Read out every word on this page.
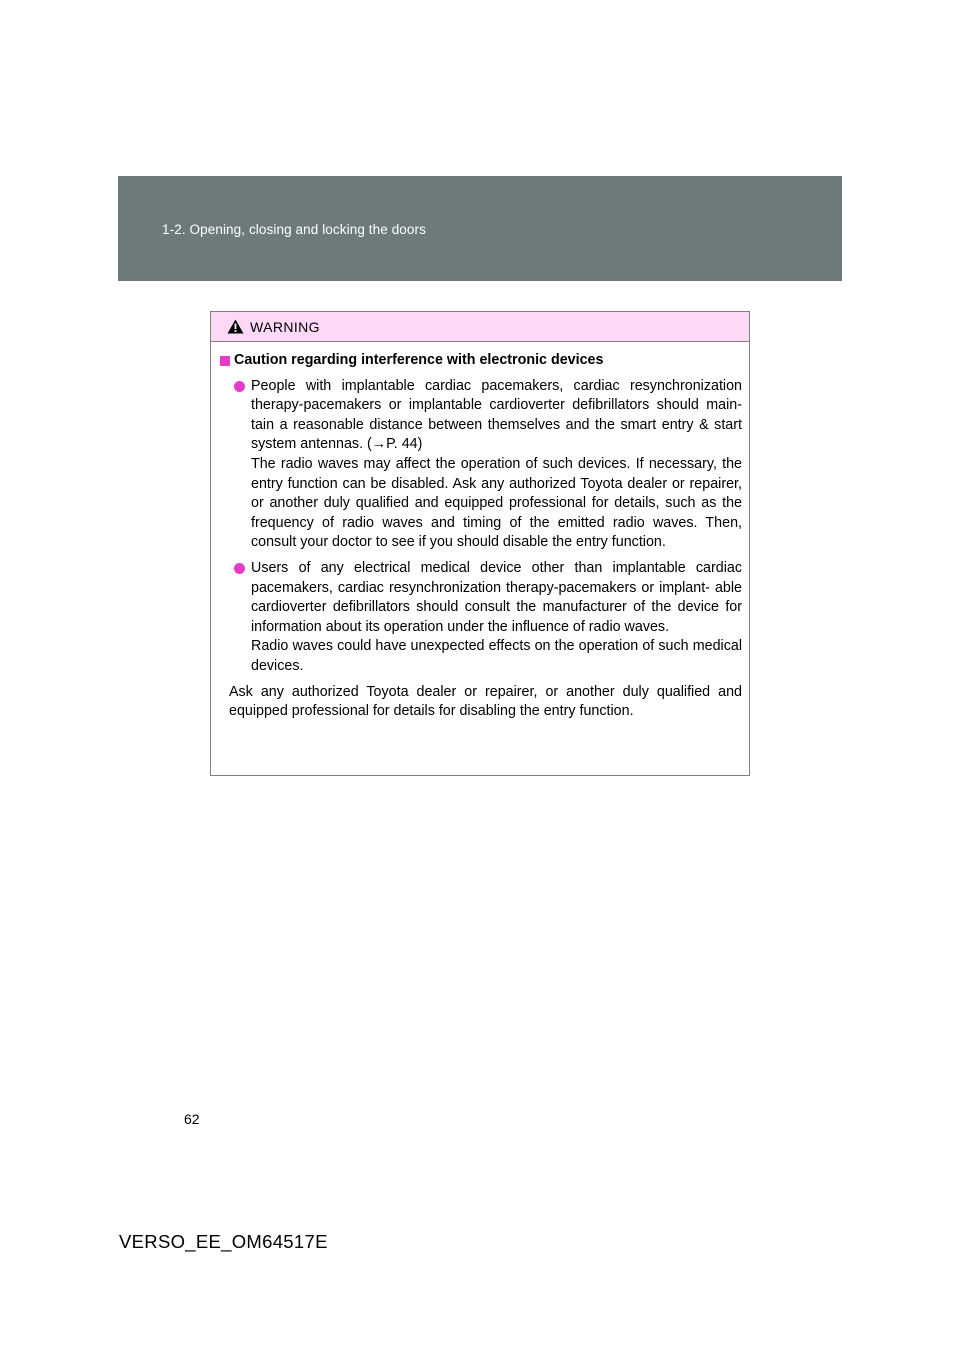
1-2. Opening, closing and locking the doors
WARNING
Caution regarding interference with electronic devices

People with implantable cardiac pacemakers, cardiac resynchronization therapy-pacemakers or implantable cardioverter defibrillators should main- tain a reasonable distance between themselves and the smart entry & start system antennas. (→P. 44)

The radio waves may affect the operation of such devices. If necessary, the entry function can be disabled. Ask any authorized Toyota dealer or repairer, or another duly qualified and equipped professional for details, such as the frequency of radio waves and timing of the emitted radio waves. Then, consult your doctor to see if you should disable the entry function.

Users of any electrical medical device other than implantable cardiac pacemakers, cardiac resynchronization therapy-pacemakers or implant- able cardioverter defibrillators should consult the manufacturer of the device for information about its operation under the influence of radio waves.

Radio waves could have unexpected effects on the operation of such medical devices.

Ask any authorized Toyota dealer or repairer, or another duly qualified and equipped professional for details for disabling the entry function.

62
VERSO_EE_OM64517E
